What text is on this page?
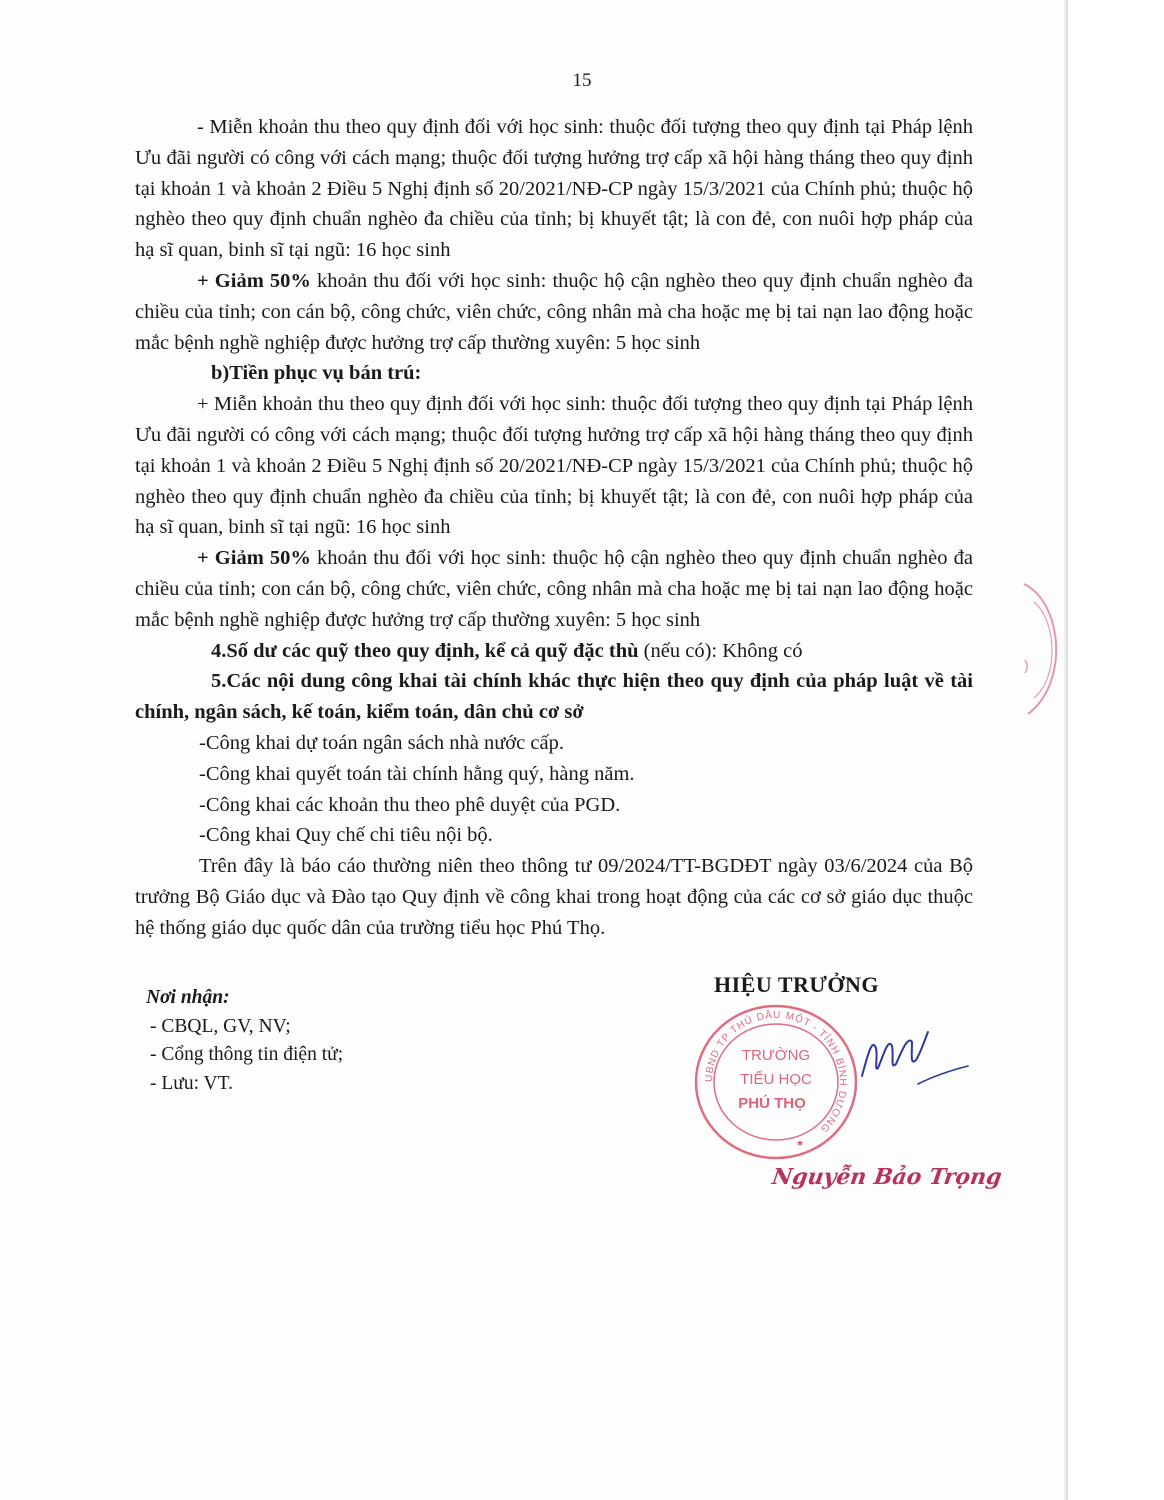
15

- Miễn khoản thu theo quy định đối với học sinh: thuộc đối tượng theo quy định tại Pháp lệnh Ưu đãi người có công với cách mạng; thuộc đối tượng hưởng trợ cấp xã hội hàng tháng theo quy định tại khoản 1 và khoản 2 Điều 5 Nghị định số 20/2021/NĐ-CP ngày 15/3/2021 của Chính phủ; thuộc hộ nghèo theo quy định chuẩn nghèo đa chiều của tỉnh; bị khuyết tật; là con đẻ, con nuôi hợp pháp của hạ sĩ quan, binh sĩ tại ngũ: 16 học sinh

+ Giảm 50% khoản thu đối với học sinh: thuộc hộ cận nghèo theo quy định chuẩn nghèo đa chiều của tỉnh; con cán bộ, công chức, viên chức, công nhân mà cha hoặc mẹ bị tai nạn lao động hoặc mắc bệnh nghề nghiệp được hưởng trợ cấp thường xuyên: 5 học sinh

b)Tiền phục vụ bán trú:

+ Miễn khoản thu theo quy định đối với học sinh: thuộc đối tượng theo quy định tại Pháp lệnh Ưu đãi người có công với cách mạng; thuộc đối tượng hưởng trợ cấp xã hội hàng tháng theo quy định tại khoản 1 và khoản 2 Điều 5 Nghị định số 20/2021/NĐ-CP ngày 15/3/2021 của Chính phủ; thuộc hộ nghèo theo quy định chuẩn nghèo đa chiều của tỉnh; bị khuyết tật; là con đẻ, con nuôi hợp pháp của hạ sĩ quan, binh sĩ tại ngũ: 16 học sinh

+ Giảm 50% khoản thu đối với học sinh: thuộc hộ cận nghèo theo quy định chuẩn nghèo đa chiều của tỉnh; con cán bộ, công chức, viên chức, công nhân mà cha hoặc mẹ bị tai nạn lao động hoặc mắc bệnh nghề nghiệp được hưởng trợ cấp thường xuyên: 5 học sinh

4.Số dư các quỹ theo quy định, kể cả quỹ đặc thù (nếu có): Không có

5.Các nội dung công khai tài chính khác thực hiện theo quy định của pháp luật về tài chính, ngân sách, kế toán, kiểm toán, dân chủ cơ sở

-Công khai dự toán ngân sách nhà nước cấp.

-Công khai quyết toán tài chính hằng quý, hàng năm.

-Công khai các khoản thu theo phê duyệt của PGD.

-Công khai Quy chế chi tiêu nội bộ.

Trên đây là báo cáo thường niên theo thông tư 09/2024/TT-BGDĐT ngày 03/6/2024 của Bộ trưởng Bộ Giáo dục và Đào tạo Quy định về công khai trong hoạt động của các cơ sở giáo dục thuộc hệ thống giáo dục quốc dân của trường tiểu học Phú Thọ.

Nơi nhận:
- CBQL, GV, NV;
- Cổng thông tin điện tử;
- Lưu: VT.
HIỆU TRƯỞNG
UBND TP THỦ DẦU MỘT - TỈNH BÌNH DƯƠNG
TRƯỜNG
TIỂU HỌC
PHÚ THỌ
★
Nguyễn Bảo Trọng
)
